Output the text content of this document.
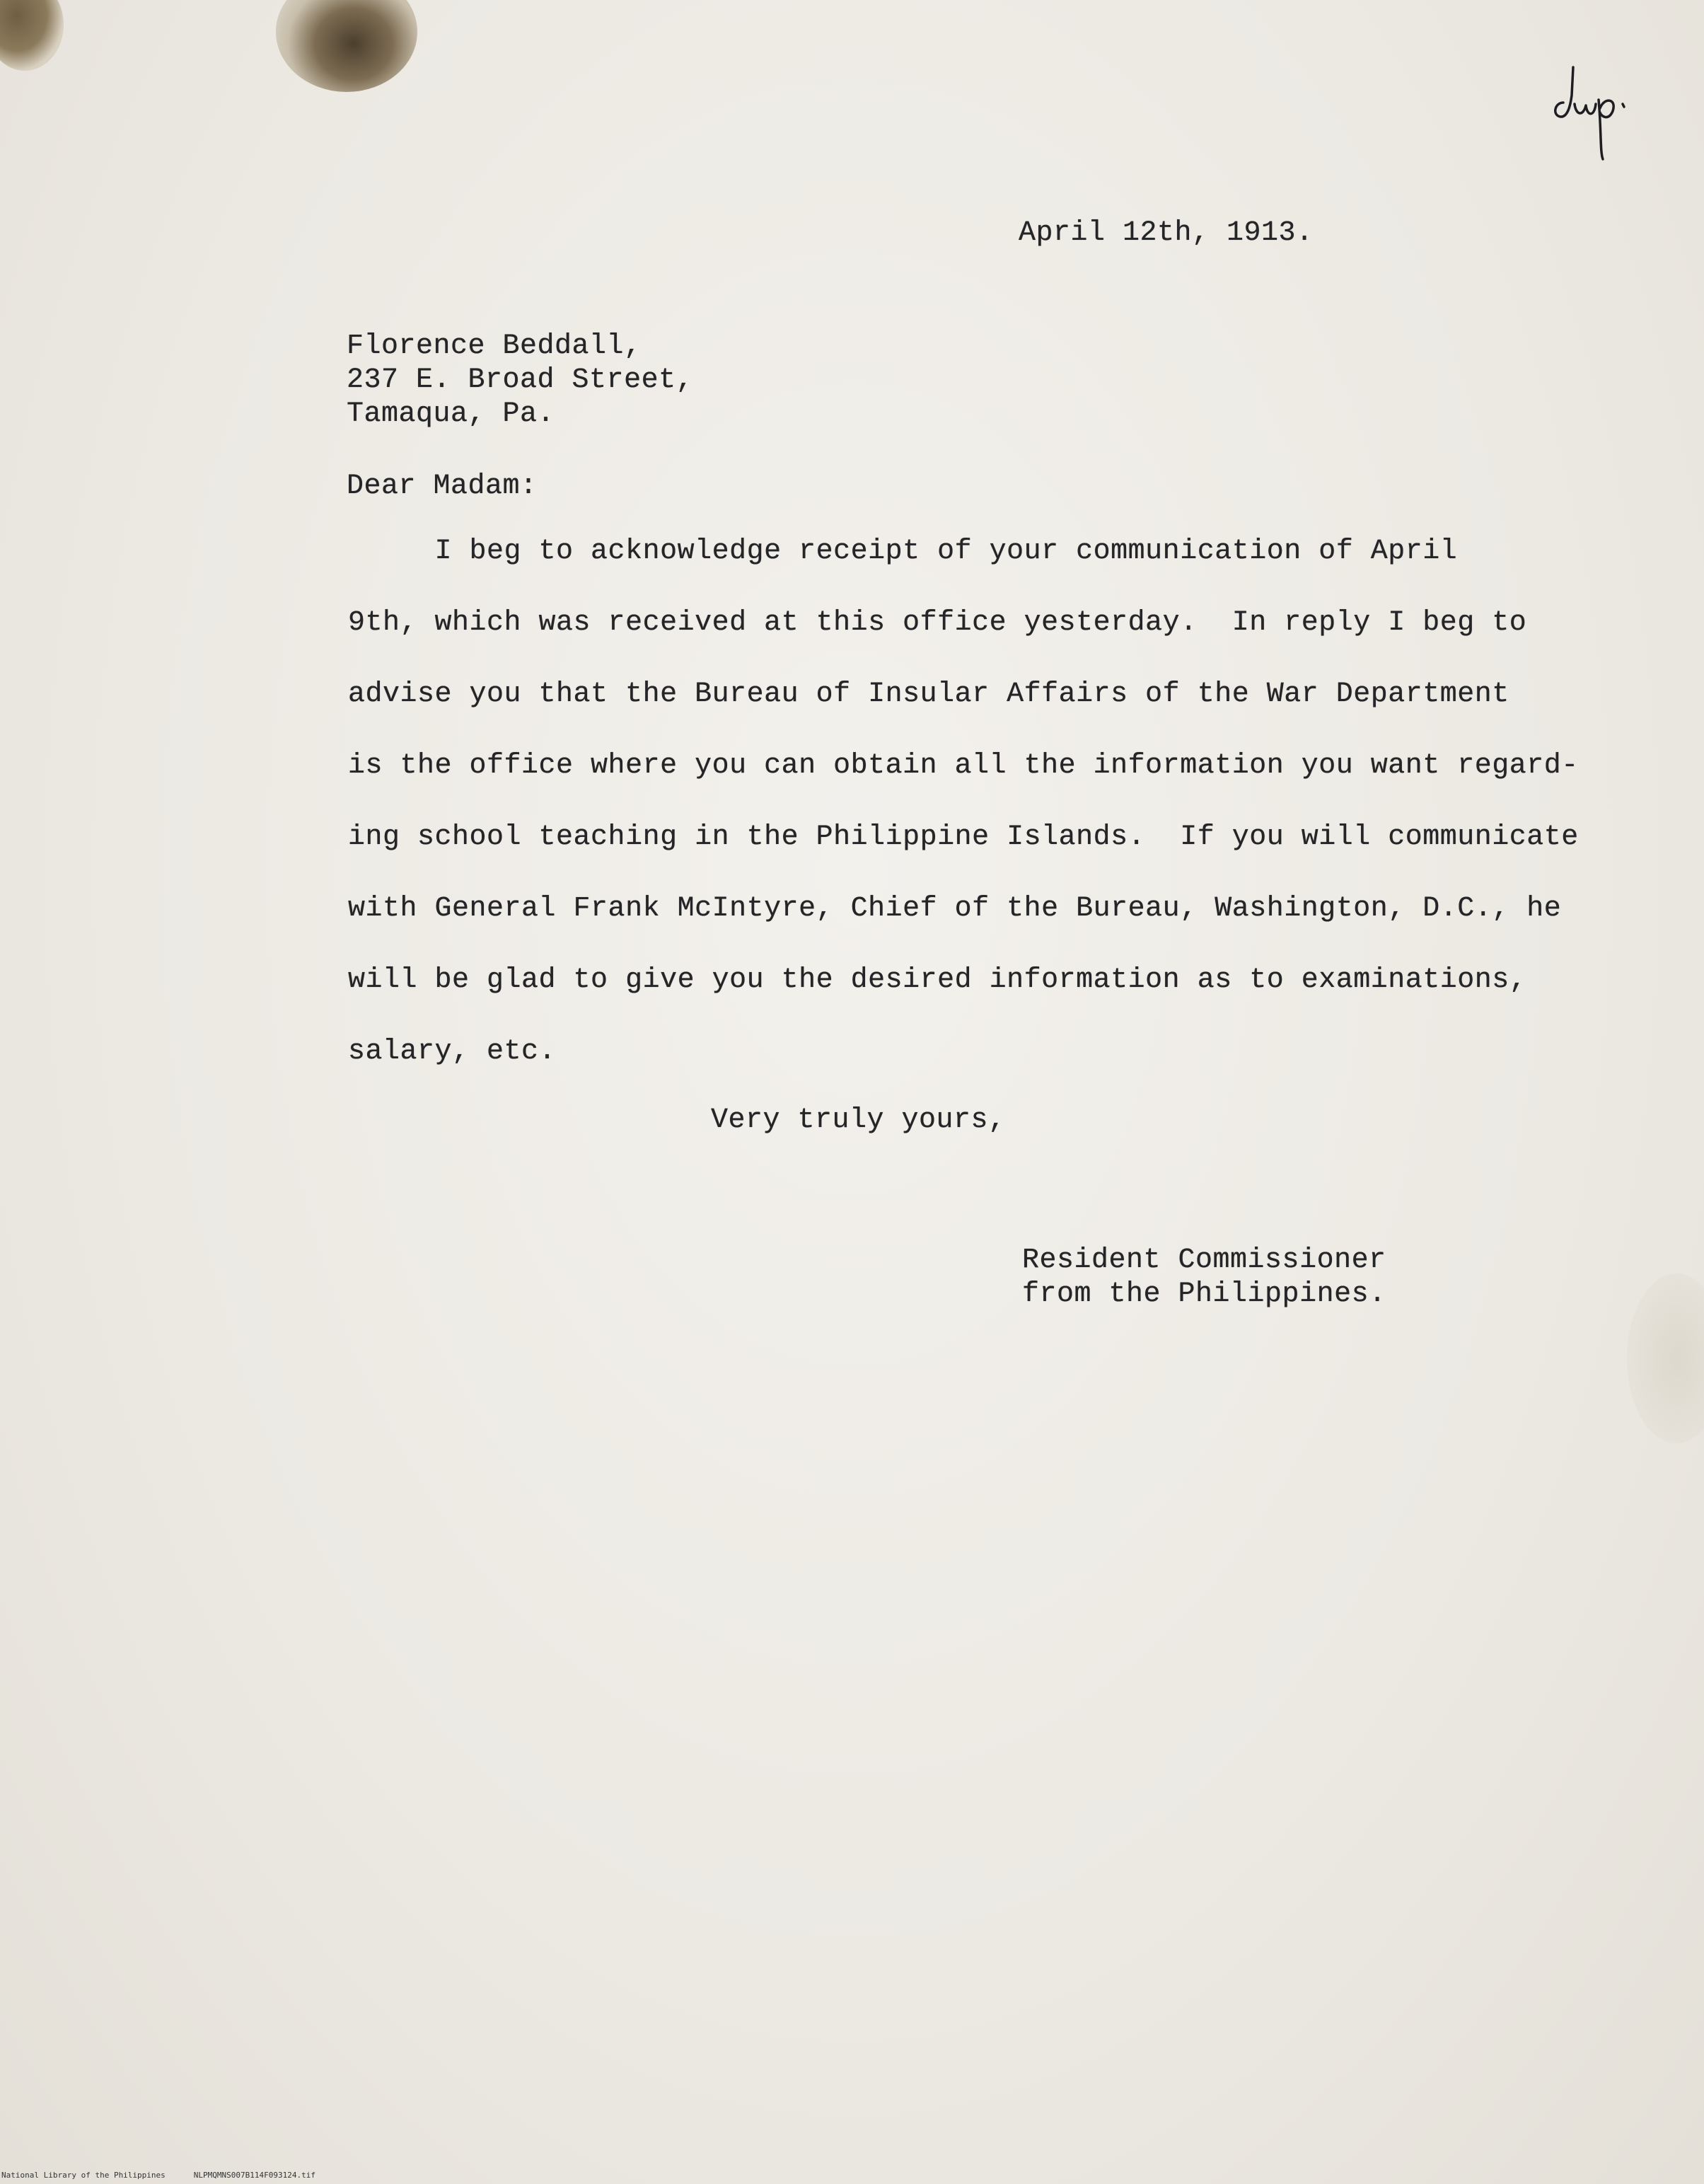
April 12th, 1913.

Florence Beddall,

237 E. Broad Street,

Tamaqua, Pa.

Dear Madam:

I beg to acknowledge receipt of your communication of April

9th, which was received at this office yesterday.  In reply I beg to

advise you that the Bureau of Insular Affairs of the War Department

is the office where you can obtain all the information you want regard-

ing school teaching in the Philippine Islands.  If you will communicate

with General Frank McIntyre, Chief of the Bureau, Washington, D.C., he

will be glad to give you the desired information as to examinations,

salary, etc.

Very truly yours,

Resident Commissioner

from the Philippines.

National Library of the Philippines	NLPMQMNS007B114F093124.tif
